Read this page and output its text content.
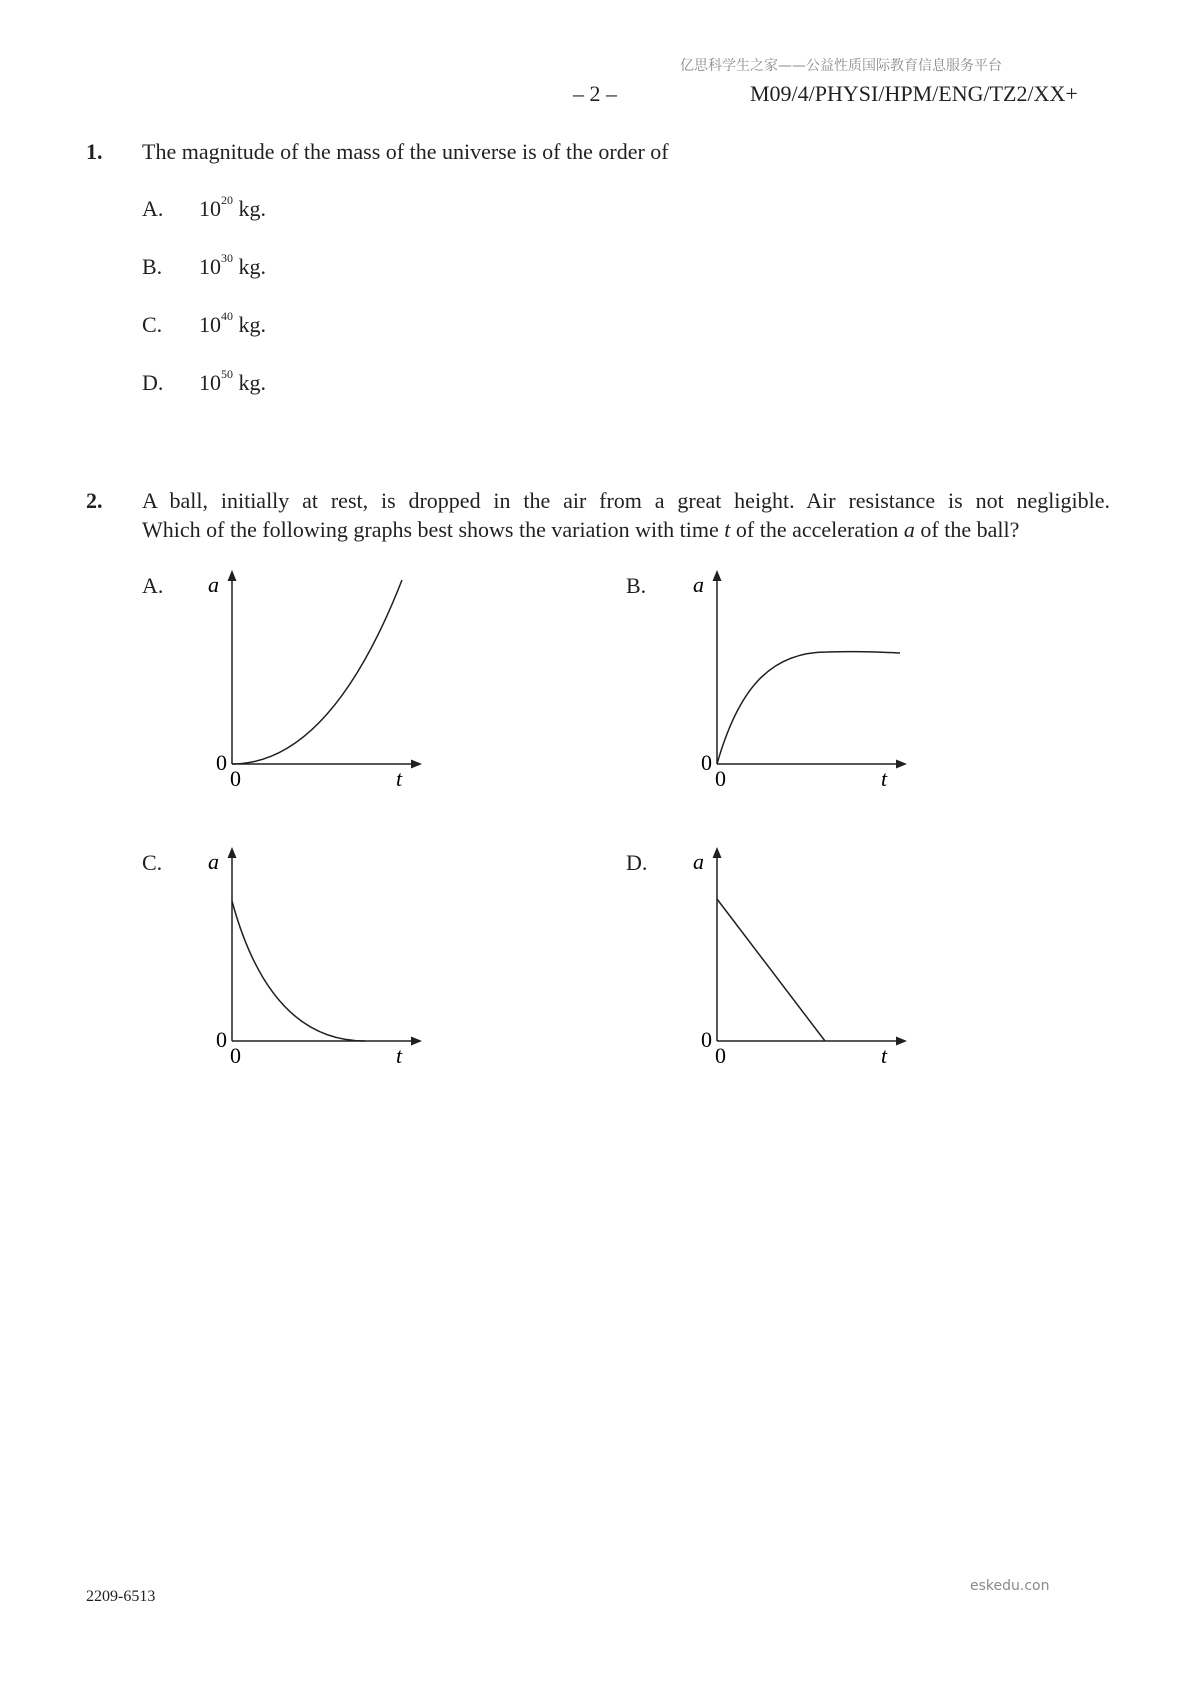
亿思科学生之家——公益性质国际教育信息服务平台
– 2 –	M09/4/PHYSI/HPM/ENG/TZ2/XX+
1. The magnitude of the mass of the universe is of the order of
A. $10^{20}$ kg.
B. $10^{30}$ kg.
C. $10^{40}$ kg.
D. $10^{50}$ kg.
2. A ball, initially at rest, is dropped in the air from a great height. Air resistance is not negligible.
Which of the following graphs best shows the variation with time t of the acceleration a of the ball?
A. a
0
0	t
B. a
0
0	t
C. a
0
0	t
D. a
0
0	t
2209-6513
eskedu.con
